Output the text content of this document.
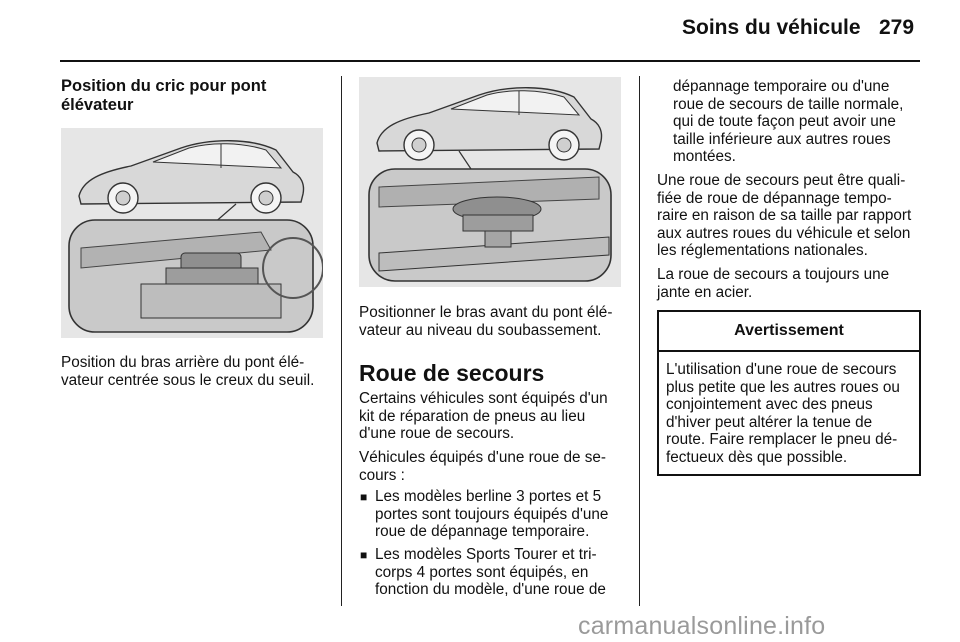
Soins du véhicule 279
Position du cric pour pont
élévateur
Position du bras arrière du pont élé-
vateur centrée sous le creux du seuil.
Positionner le bras avant du pont élé-
vateur au niveau du soubassement.
Roue de secours
Certains véhicules sont équipés d'un
kit de réparation de pneus au lieu
d'une roue de secours.
Véhicules équipés d'une roue de se-
cours :
■ Les modèles berline 3 portes et 5
portes sont toujours équipés d'une
roue de dépannage temporaire.
■ Les modèles Sports Tourer et tri-
corps 4 portes sont équipés, en
fonction du modèle, d'une roue de
dépannage temporaire ou d'une
roue de secours de taille normale,
qui de toute façon peut avoir une
taille inférieure aux autres roues
montées.
Une roue de secours peut être quali-
fiée de roue de dépannage tempo-
raire en raison de sa taille par rapport
aux autres roues du véhicule et selon
les réglementations nationales.
La roue de secours a toujours une
jante en acier.
Avertissement
L'utilisation d'une roue de secours
plus petite que les autres roues ou
conjointement avec des pneus
d'hiver peut altérer la tenue de
route. Faire remplacer le pneu dé-
fectueux dès que possible.
carmanualsonline.info
